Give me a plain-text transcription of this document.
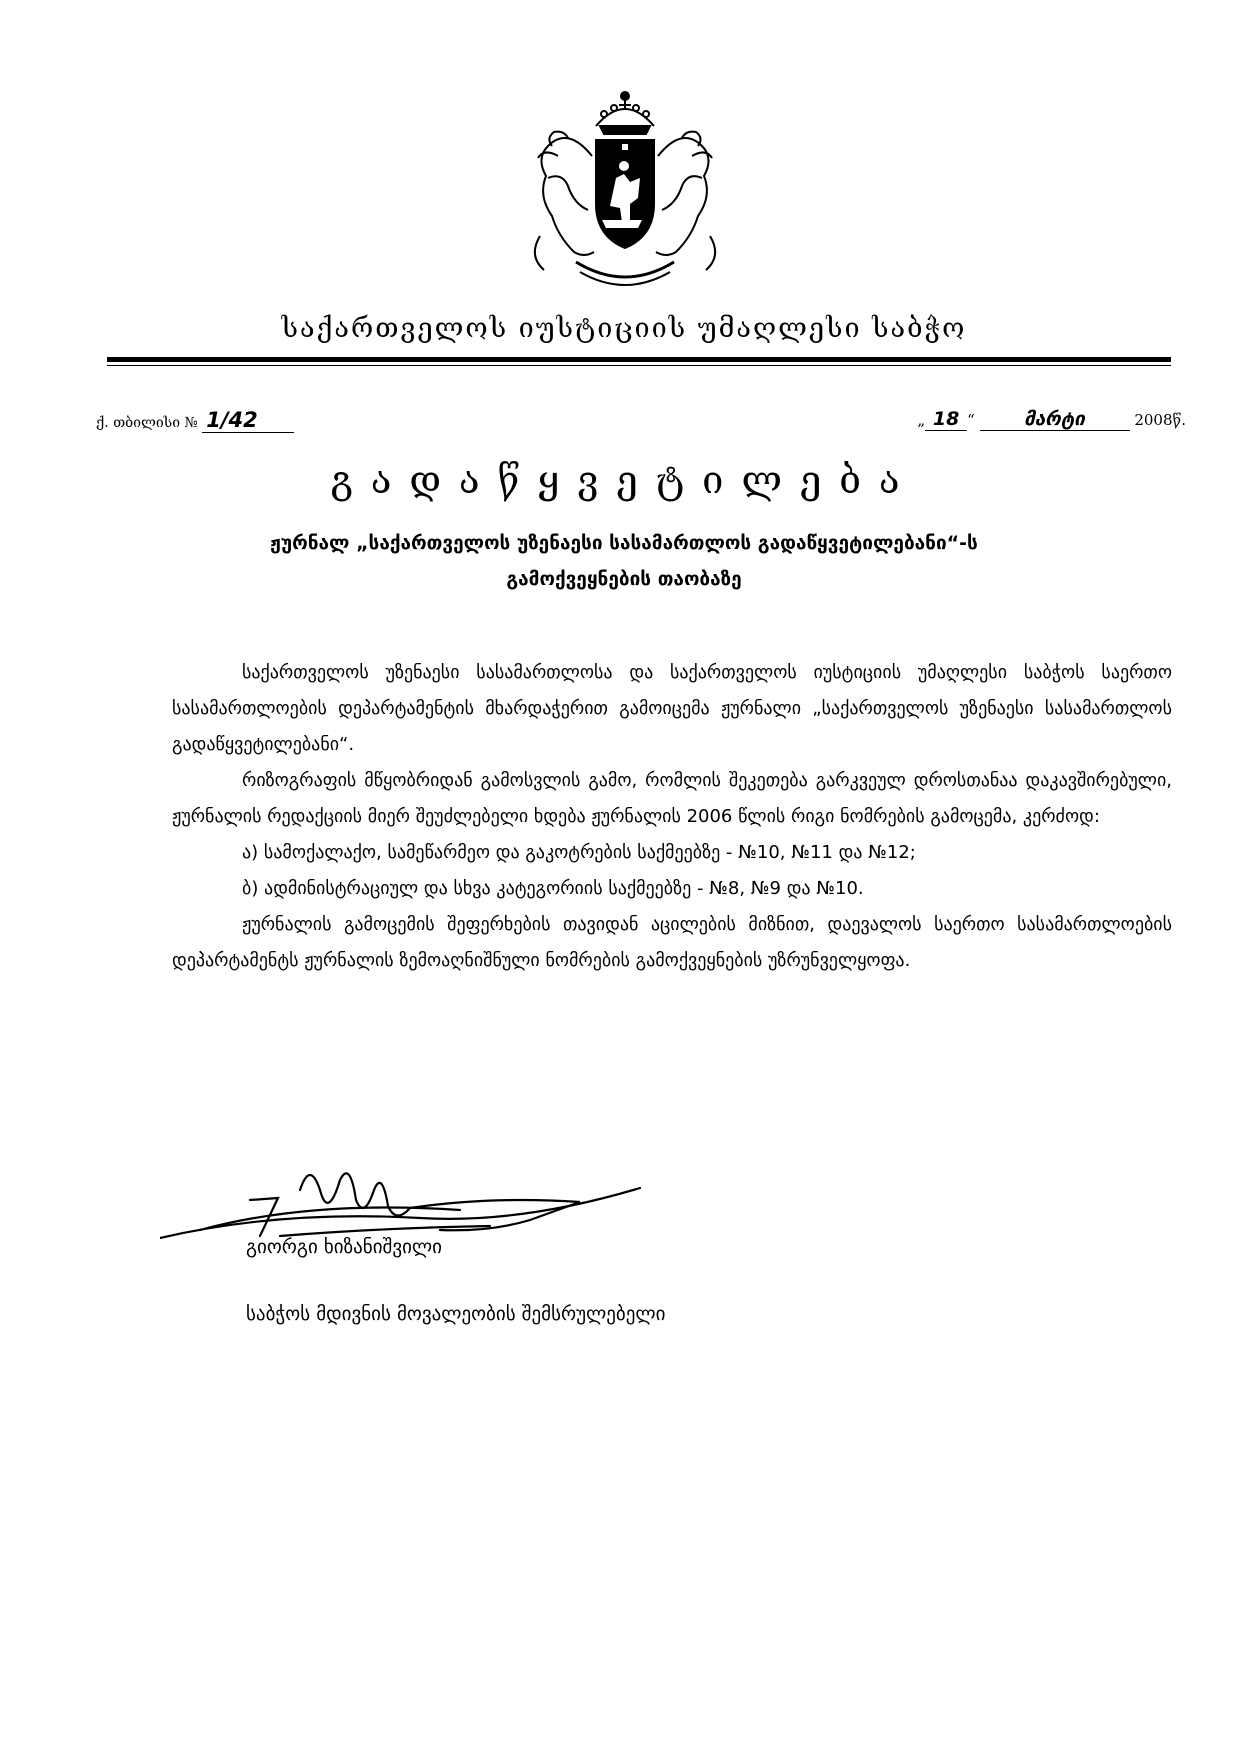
საქართველოს იუსტიციის უმაღლესი საბჭო
ქ. თბილისი № 1/42	„ 18 “ მარტი	2008წ.
გადაწყვეტილება
ჟურნალ „საქართველოს უზენაესი სასამართლოს გადაწყვეტილებანი“-ს
გამოქვეყნების თაობაზე

საქართველოს უზენაესი სასამართლოსა და საქართველოს იუსტიციის უმაღლესი საბჭოს საერთო სასამართლოების დეპარტამენტის მხარდაჭერით გამოიცემა ჟურნალი „საქართველოს უზენაესი სასამართლოს გადაწყვეტილებანი“.

რიზოგრაფის მწყობრიდან გამოსვლის გამო, რომლის შეკეთება გარკვეულ დროსთანაა დაკავშირებული, ჟურნალის რედაქციის მიერ შეუძლებელი ხდება ჟურნალის 2006 წლის რიგი ნომრების გამოცემა, კერძოდ:

ა) სამოქალაქო, სამეწარმეო და გაკოტრების საქმეებზე - №10, №11 და №12;

ბ) ადმინისტრაციულ და სხვა კატეგორიის საქმეებზე - №8, №9 და №10.

ჟურნალის გამოცემის შეფერხების თავიდან აცილების მიზნით, დაევალოს საერთო სასამართლოების დეპარტამენტს ჟურნალის ზემოაღნიშნული ნომრების გამოქვეყნების უზრუნველყოფა.

გიორგი ხიზანიშვილი
საბჭოს მდივნის მოვალეობის შემსრულებელი
